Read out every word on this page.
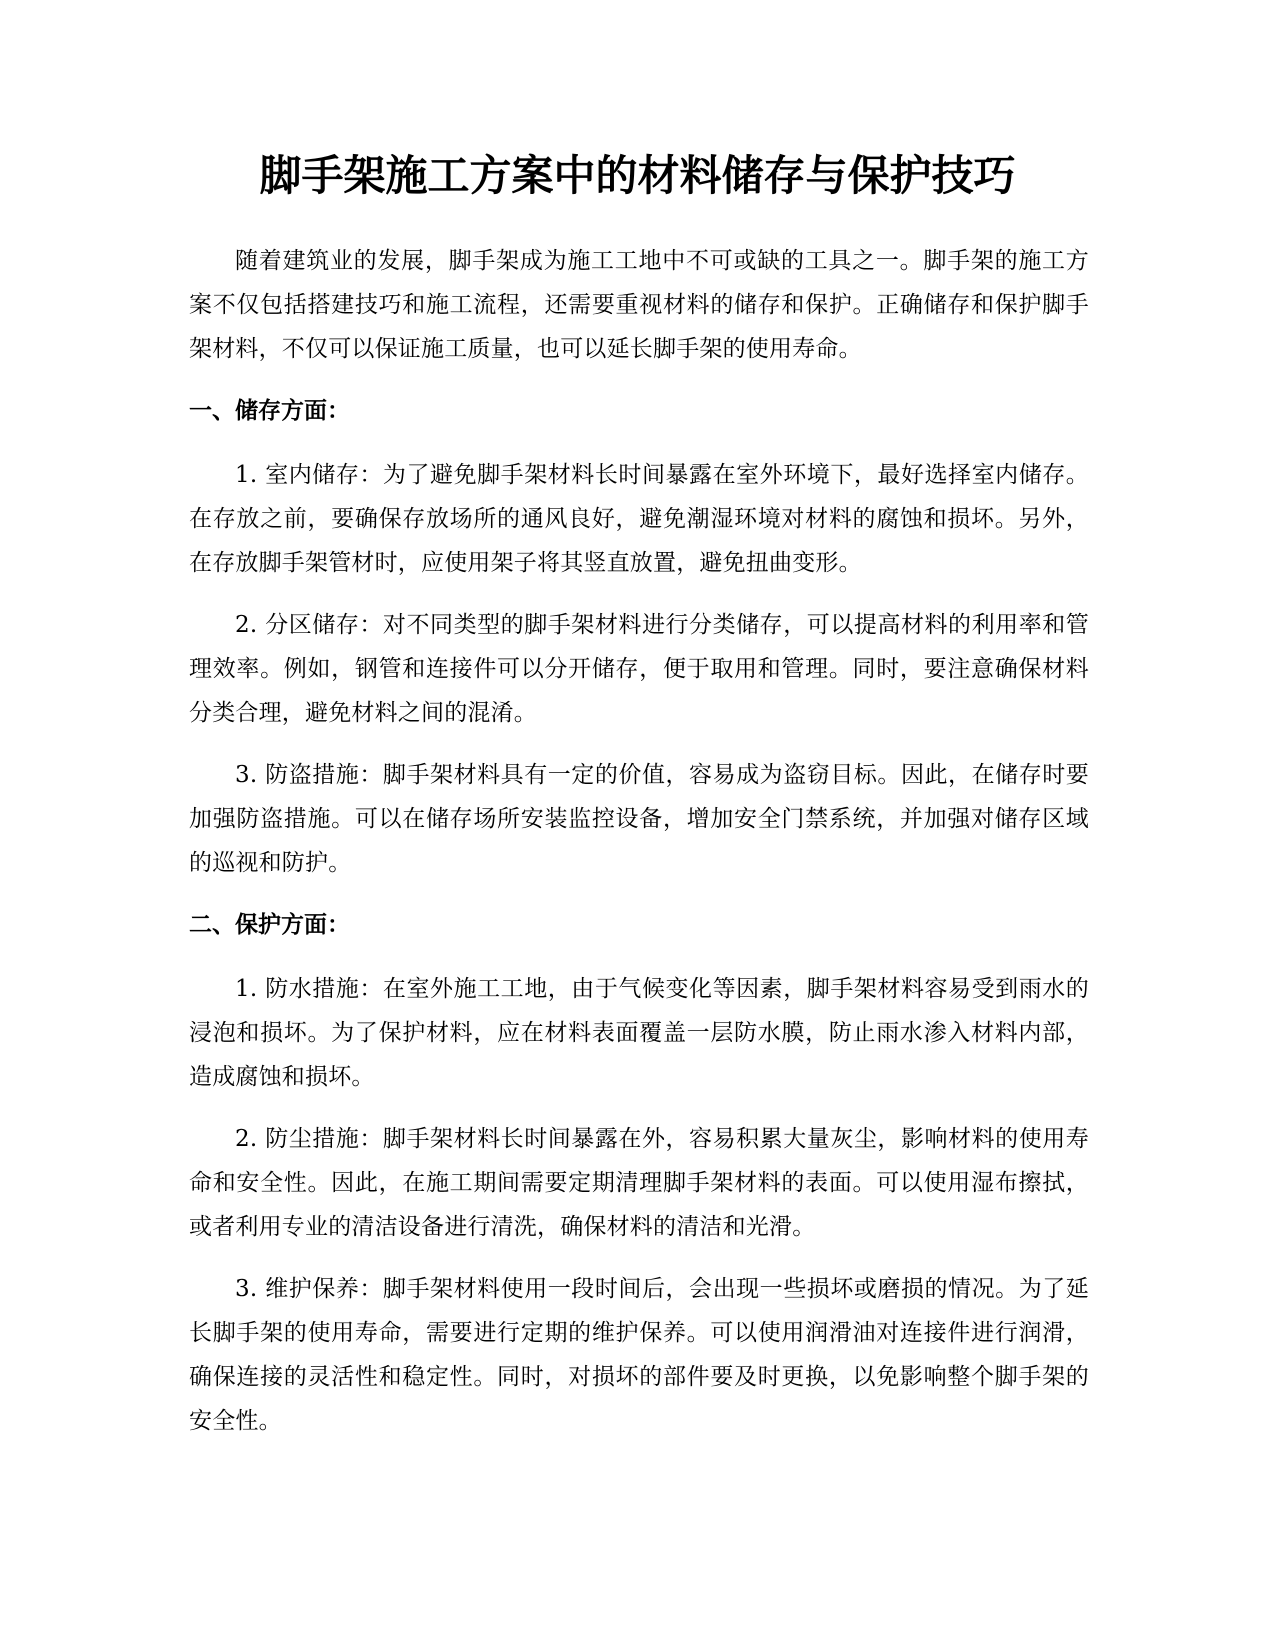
脚手架施工方案中的材料储存与保护技巧

随着建筑业的发展，脚手架成为施工工地中不可或缺的工具之一。脚手架的施工方案不仅包括搭建技巧和施工流程，还需要重视材料的储存和保护。正确储存和保护脚手架材料，不仅可以保证施工质量，也可以延长脚手架的使用寿命。

一、储存方面：

1. 室内储存：为了避免脚手架材料长时间暴露在室外环境下，最好选择室内储存。在存放之前，要确保存放场所的通风良好，避免潮湿环境对材料的腐蚀和损坏。另外，在存放脚手架管材时，应使用架子将其竖直放置，避免扭曲变形。

2. 分区储存：对不同类型的脚手架材料进行分类储存，可以提高材料的利用率和管理效率。例如，钢管和连接件可以分开储存，便于取用和管理。同时，要注意确保材料分类合理，避免材料之间的混淆。

3. 防盗措施：脚手架材料具有一定的价值，容易成为盗窃目标。因此，在储存时要加强防盗措施。可以在储存场所安装监控设备，增加安全门禁系统，并加强对储存区域的巡视和防护。

二、保护方面：

1. 防水措施：在室外施工工地，由于气候变化等因素，脚手架材料容易受到雨水的浸泡和损坏。为了保护材料，应在材料表面覆盖一层防水膜，防止雨水渗入材料内部，造成腐蚀和损坏。

2. 防尘措施：脚手架材料长时间暴露在外，容易积累大量灰尘，影响材料的使用寿命和安全性。因此，在施工期间需要定期清理脚手架材料的表面。可以使用湿布擦拭，或者利用专业的清洁设备进行清洗，确保材料的清洁和光滑。

3. 维护保养：脚手架材料使用一段时间后，会出现一些损坏或磨损的情况。为了延长脚手架的使用寿命，需要进行定期的维护保养。可以使用润滑油对连接件进行润滑，确保连接的灵活性和稳定性。同时，对损坏的部件要及时更换，以免影响整个脚手架的安全性。
